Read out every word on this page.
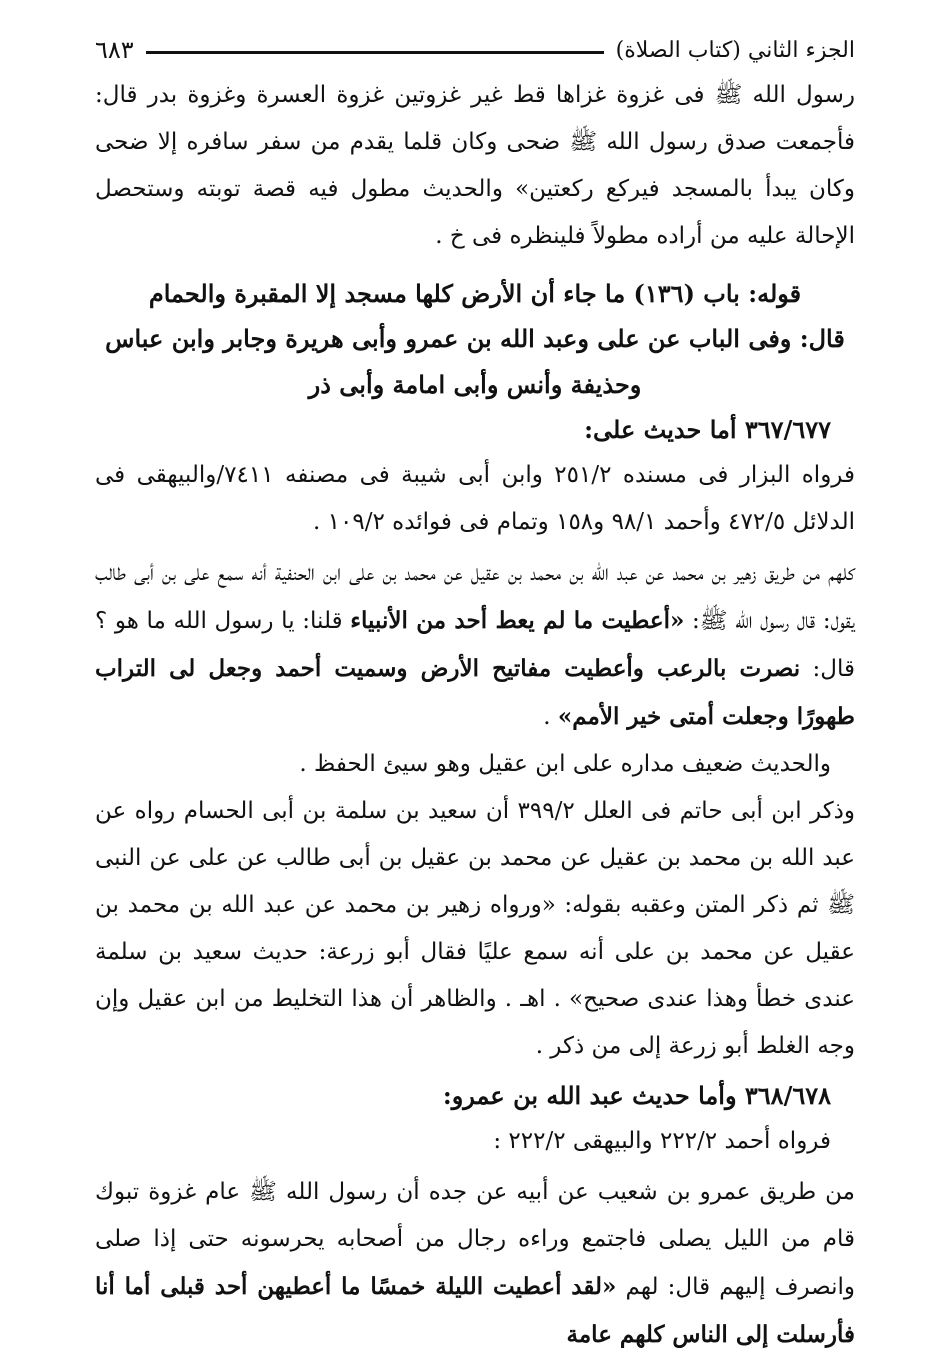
الجزء الثاني (كتاب الصلاة)
٦٨٣

رسول الله ﷺ فى غزوة غزاها قط غير غزوتين غزوة العسرة وغزوة بدر قال: فأجمعت صدق رسول الله ﷺ ضحى وكان قلما يقدم من سفر سافره إلا ضحى وكان يبدأ بالمسجد فيركع ركعتين» والحديث مطول فيه قصة توبته وستحصل الإحالة عليه من أراده مطولاً فلينظره فى خ .

قوله: باب (١٣٦) ما جاء أن الأرض كلها مسجد إلا المقبرة والحمام

قال: وفى الباب عن على وعبد الله بن عمرو وأبى هريرة وجابر وابن عباس وحذيفة وأنس وأبى امامة وأبى ذر

٣٦٧/٦٧٧ أما حديث على:

فرواه البزار فى مسنده ٢٥١/٢ وابن أبى شيبة فى مصنفه ٧٤١١/والبيهقى فى الدلائل ٤٧٢/٥ وأحمد ٩٨/١ و١٥٨ وتمام فى فوائده ١٠٩/٢ .

كلهم من طريق زهير بن محمد عن عبد الله بن محمد بن عقيل عن محمد بن على ابن الحنفية أنه سمع على بن أبى طالب يقول: قال رسول الله ﷺ: «أعطيت ما لم يعط أحد من الأنبياء قلنا: يا رسول الله ما هو ؟ قال: نصرت بالرعب وأعطيت مفاتيح الأرض وسميت أحمد وجعل لى التراب طهورًا وجعلت أمتى خير الأمم» .

والحديث ضعيف مداره على ابن عقيل وهو سيئ الحفظ .

وذكر ابن أبى حاتم فى العلل ٣٩٩/٢ أن سعيد بن سلمة بن أبى الحسام رواه عن عبد الله بن محمد بن عقيل عن محمد بن عقيل بن أبى طالب عن على عن النبى ﷺ ثم ذكر المتن وعقبه بقوله: «ورواه زهير بن محمد عن عبد الله بن محمد بن عقيل عن محمد بن على أنه سمع عليًا فقال أبو زرعة: حديث سعيد بن سلمة عندى خطأ وهذا عندى صحيح» . اهـ . والظاهر أن هذا التخليط من ابن عقيل وإن وجه الغلط أبو زرعة إلى من ذكر .

٣٦٨/٦٧٨ وأما حديث عبد الله بن عمرو:

فرواه أحمد ٢٢٢/٢ والبيهقى ٢٢٢/٢ :

من طريق عمرو بن شعيب عن أبيه عن جده أن رسول الله ﷺ عام غزوة تبوك قام من الليل يصلى فاجتمع وراءه رجال من أصحابه يحرسونه حتى إذا صلى وانصرف إليهم قال: لهم «لقد أعطيت الليلة خمسًا ما أعطيهن أحد قبلى أما أنا فأرسلت إلى الناس كلهم عامة
